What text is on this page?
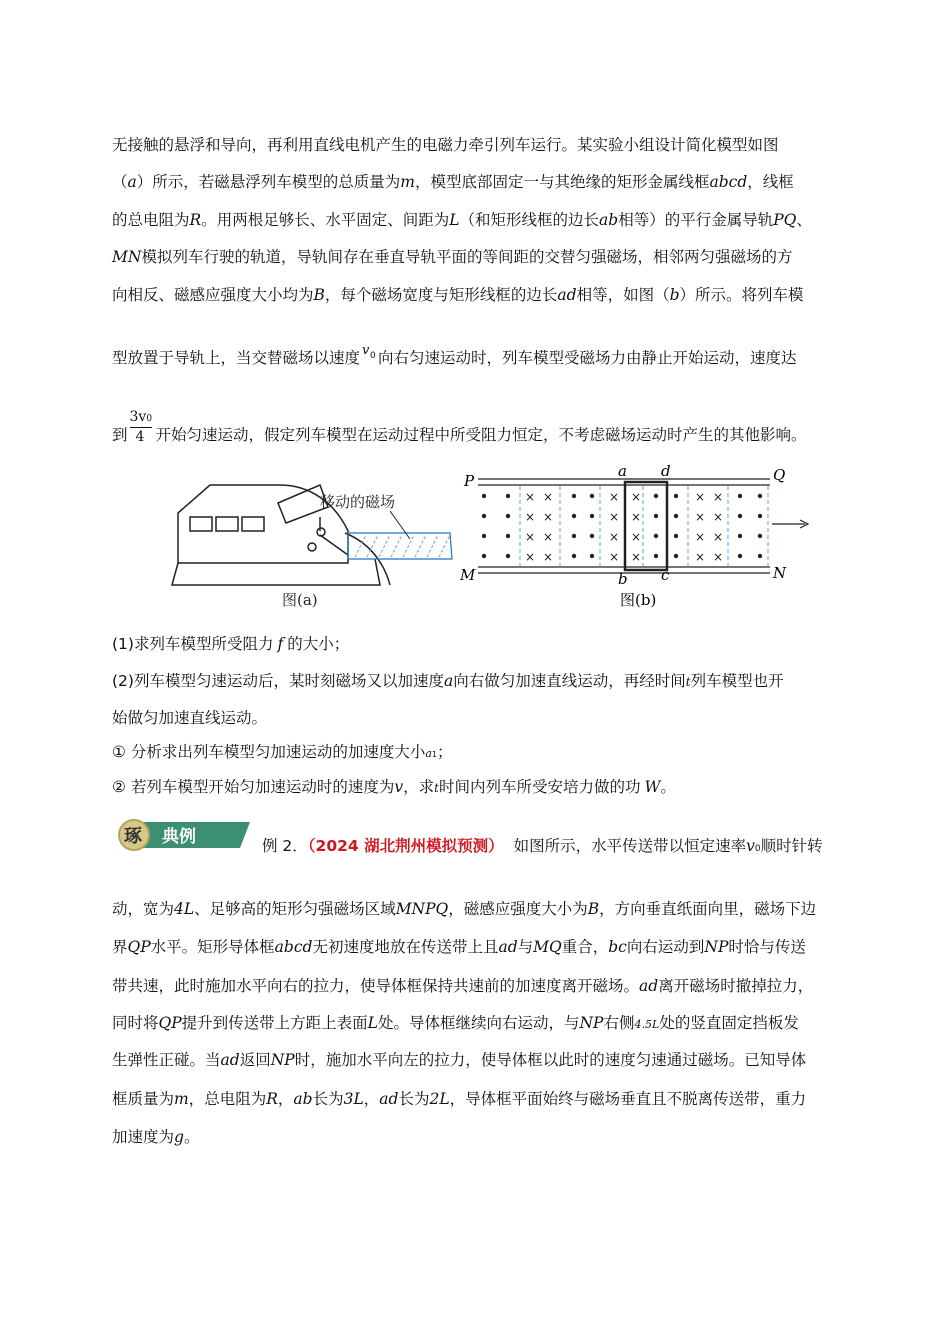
无接触的悬浮和导向，再利用直线电机产生的电磁力牵引列车运行。某实验小组设计简化模型如图
（a）所示，若磁悬浮列车模型的总质量为m，模型底部固定一与其绝缘的矩形金属线框abcd，线框
的总电阻为R。用两根足够长、水平固定、间距为L（和矩形线框的边长ab相等）的平行金属导轨PQ、
MN模拟列车行驶的轨道，导轨间存在垂直导轨平面的等间距的交替匀强磁场，相邻两匀强磁场的方
向相反、磁感应强度大小均为B，每个磁场宽度与矩形线框的边长ad相等，如图（b）所示。将列车模
型放置于导轨上，当交替磁场以速度 v 0 向右匀速运动时，列车模型受磁场力由静止开始运动，速度达
到 $\frac{3v0}{4}$ 开始匀速运动，假定列车模型在运动过程中所受阻力恒定，不考虑磁场运动时产生的其他影响。
移动的磁场
图(a)
×
×
×
×
×
×
×
×
×
×
×
×
×
×
×
×
×
×
×
×
×
×
×
×
P	Q
M	N
a d
b c
图(b)
(1)求列车模型所受阻力 f 的大小；
(2)列车模型匀速运动后，某时刻磁场又以加速度a向右做匀加速直线运动，再经时间t列车模型也开
始做匀加速直线运动。
① 分析求出列车模型匀加速运动的加速度大小a1；
② 若列车模型开始匀加速运动时的速度为v，求t时间内列车所受安培力做的功 W。
琢 典例	例 2．（2024 湖北荆州模拟预测） 如图所示，水平传送带以恒定速率v0顺时针转
动，宽为4L、足够高的矩形匀强磁场区域MNPQ，磁感应强度大小为B，方向垂直纸面向里，磁场下边
界QP水平。矩形导体框abcd无初速度地放在传送带上且ad与MQ重合，bc向右运动到NP时恰与传送
带共速，此时施加水平向右的拉力，使导体框保持共速前的加速度离开磁场。ad离开磁场时撤掉拉力，
同时将QP提升到传送带上方距上表面L处。导体框继续向右运动，与NP右侧4.5L处的竖直固定挡板发
生弹性正碰。当ad返回NP时，施加水平向左的拉力，使导体框以此时的速度匀速通过磁场。已知导体
框质量为m，总电阻为R，ab长为3L，ad长为2L，导体框平面始终与磁场垂直且不脱离传送带，重力
加速度为g。
